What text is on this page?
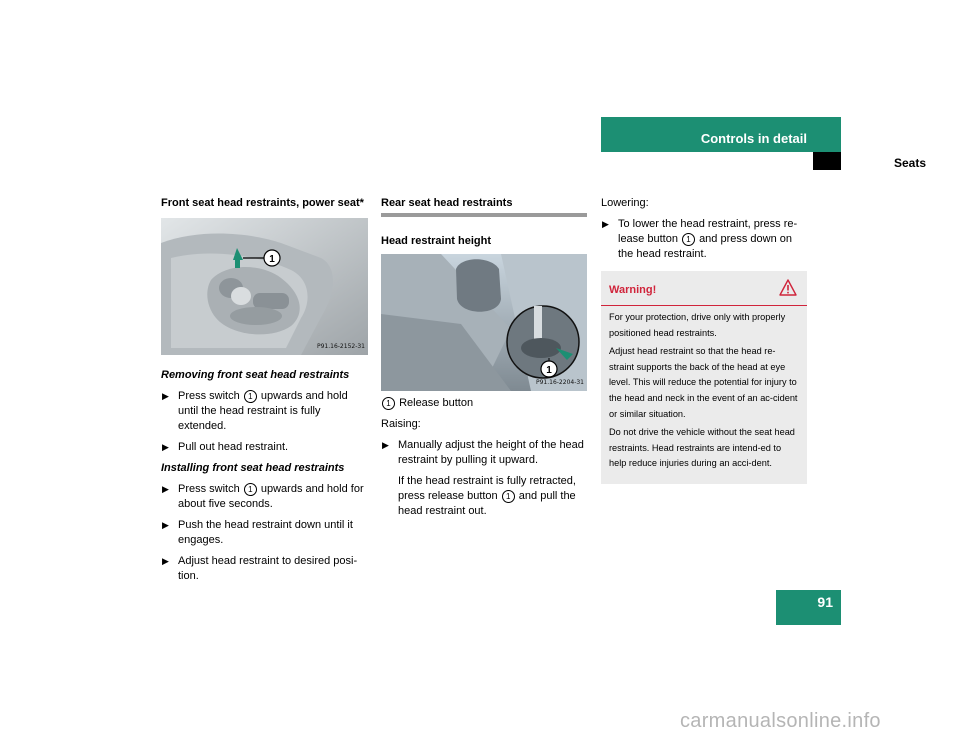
Controls in detail
Seats

Front seat head restraints, power seat*

1
P91.16-2152-31

Removing front seat head restraints

▶ Press switch 1 upwards and hold until the head restraint is fully extended.
▶ Pull out head restraint.

Installing front seat head restraints

▶ Press switch 1 upwards and hold for about five seconds.
▶ Push the head restraint down until it engages.
▶ Adjust head restraint to desired posi-tion.

Rear seat head restraints

Head restraint height

1
P91.16-2204-31

1 Release button

Raising:

▶ Manually adjust the height of the head restraint by pulling it upward.

If the head restraint is fully retracted, press release button 1 and pull the head restraint out.

Lowering:

▶ To lower the head restraint, press re-lease button 1 and press down on the head restraint.
Warning!

For your protection, drive only with properly positioned head restraints.

Adjust head restraint so that the head re-straint supports the back of the head at eye level. This will reduce the potential for injury to the head and neck in the event of an ac-cident or similar situation.

Do not drive the vehicle without the seat head restraints. Head restraints are intend-ed to help reduce injuries during an acci-dent.

91
carmanualsonline.info
